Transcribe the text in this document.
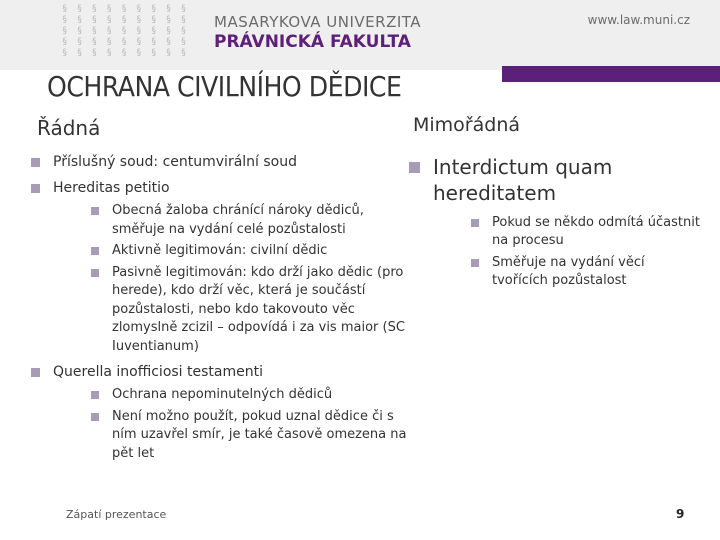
§ § § § § § § § §
§ § § § § § § § §
§ § § § § § § § §
§ § § § § § § § §
§ § § § § § § § §
MASARYKOVA UNIVERZITA
PRÁVNICKÁ FAKULTA
www.law.muni.cz
OCHRANA CIVILNÍHO DĚDICE
Řádná	Mimořádná
Příslušný soud: centumvirální soud
Hereditas petitio
Obecná žaloba chránící nároky dědiců, směřuje na vydání celé pozůstalosti
Aktivně legitimován: civilní dědic
Pasivně legitimován: kdo drží jako dědic (pro herede), kdo drží věc, která je součástí pozůstalosti, nebo kdo takovouto věc zlomyslně zcizil – odpovídá i za vis maior (SC Iuventianum)
Querella inofficiosi testamenti
Ochrana nepominutelných dědiců
Není možno použít, pokud uznal dědice či s ním uzavřel smír, je také časově omezena na pět let
Interdictum quam hereditatem
Pokud se někdo odmítá účastnit na procesu
Směřuje na vydání věcí tvořících pozůstalost
Zápatí prezentace	9
